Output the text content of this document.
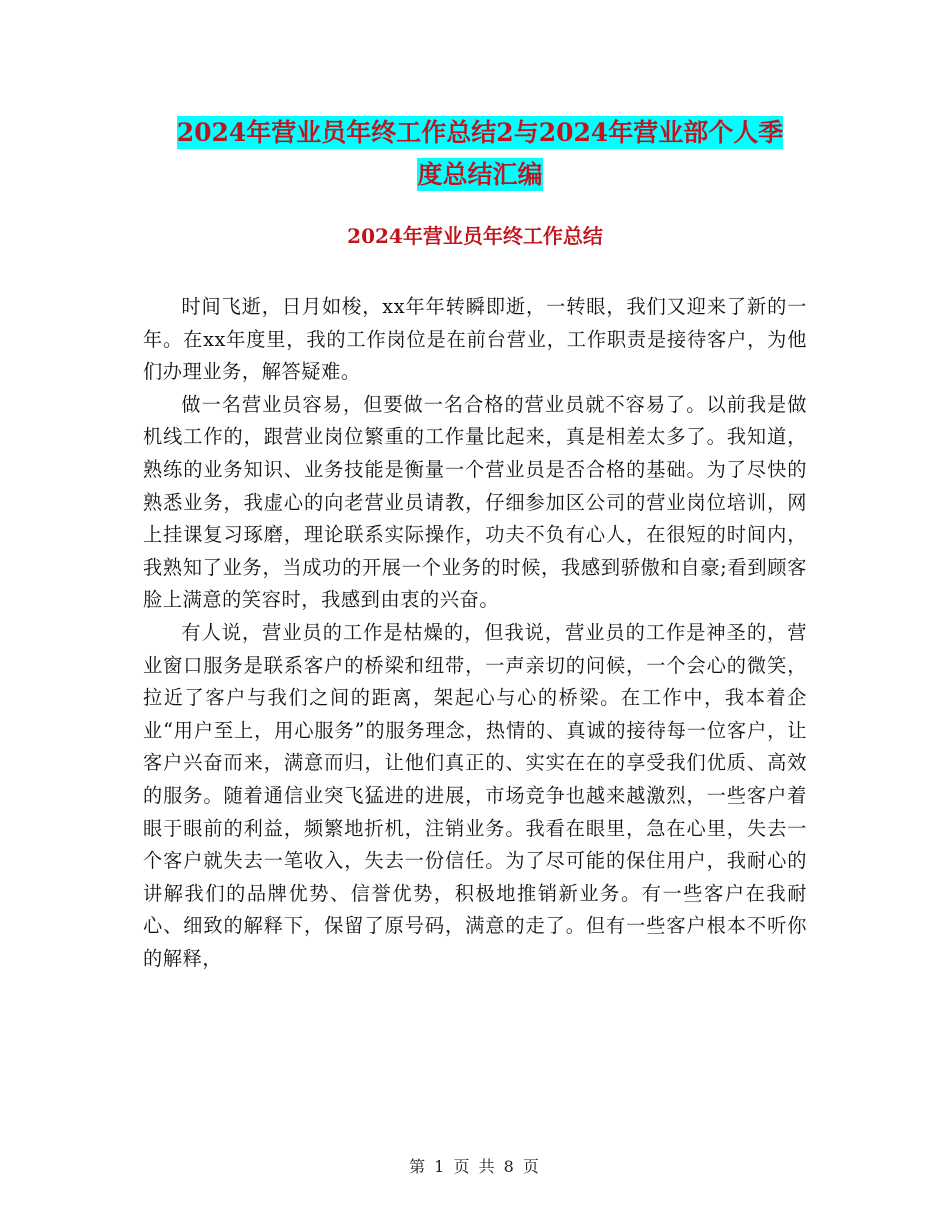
2024年营业员年终工作总结2与2024年营业部个人季
度总结汇编
2024年营业员年终工作总结

时间飞逝，日月如梭，xx年年转瞬即逝，一转眼，我们又迎来了新的一年。在xx年度里，我的工作岗位是在前台营业，工作职责是接待客户，为他们办理业务，解答疑难。

做一名营业员容易，但要做一名合格的营业员就不容易了。以前我是做机线工作的，跟营业岗位繁重的工作量比起来，真是相差太多了。我知道，熟练的业务知识、业务技能是衡量一个营业员是否合格的基础。为了尽快的熟悉业务，我虚心的向老营业员请教，仔细参加区公司的营业岗位培训，网上挂课复习琢磨，理论联系实际操作，功夫不负有心人，在很短的时间内，我熟知了业务，当成功的开展一个业务的时候，我感到骄傲和自豪;看到顾客脸上满意的笑容时，我感到由衷的兴奋。

有人说，营业员的工作是枯燥的，但我说，营业员的工作是神圣的，营业窗口服务是联系客户的桥梁和纽带，一声亲切的问候，一个会心的微笑，拉近了客户与我们之间的距离，架起心与心的桥梁。在工作中，我本着企业“用户至上，用心服务”的服务理念，热情的、真诚的接待每一位客户，让客户兴奋而来，满意而归，让他们真正的、实实在在的享受我们优质、高效的服务。随着通信业突飞猛进的进展，市场竞争也越来越激烈，一些客户着眼于眼前的利益，频繁地折机，注销业务。我看在眼里，急在心里，失去一个客户就失去一笔收入，失去一份信任。为了尽可能的保住用户，我耐心的讲解我们的品牌优势、信誉优势，积极地推销新业务。有一些客户在我耐心、细致的解释下，保留了原号码，满意的走了。但有一些客户根本不听你的解释，

第 1 页 共 8 页
